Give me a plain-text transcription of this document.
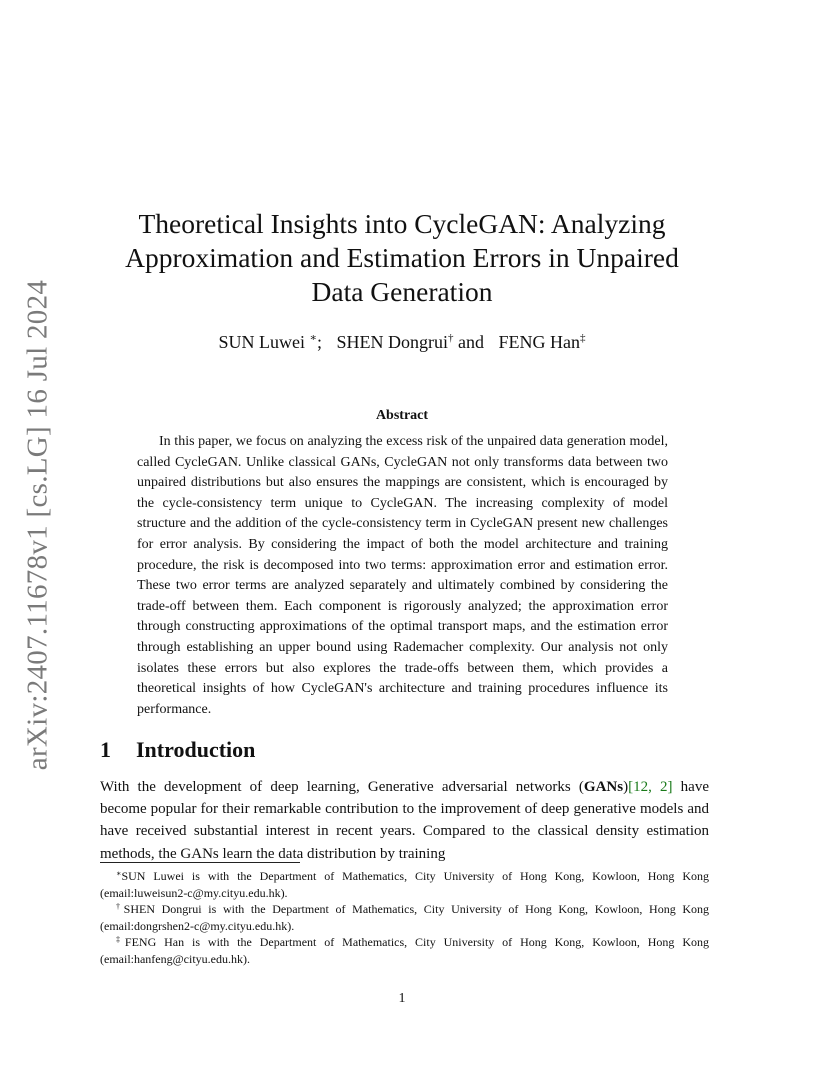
arXiv:2407.11678v1 [cs.LG] 16 Jul 2024
Theoretical Insights into CycleGAN: Analyzing
Approximation and Estimation Errors in Unpaired
Data Generation
SUN Luwei ∗; SHEN Dongrui† and FENG Han‡
Abstract

In this paper, we focus on analyzing the excess risk of the unpaired data generation model, called CycleGAN. Unlike classical GANs, CycleGAN not only transforms data between two unpaired distributions but also ensures the mappings are consistent, which is encouraged by the cycle-consistency term unique to CycleGAN. The increasing complexity of model structure and the addition of the cycle-consistency term in CycleGAN present new challenges for error analysis. By considering the impact of both the model architecture and training procedure, the risk is decomposed into two terms: approximation error and estimation error. These two error terms are analyzed separately and ultimately combined by considering the trade-off between them. Each component is rigorously analyzed; the approximation error through constructing approximations of the optimal transport maps, and the estimation error through establishing an upper bound using Rademacher complexity. Our analysis not only isolates these errors but also explores the trade-offs between them, which provides a theoretical insights of how CycleGAN's architecture and training procedures influence its performance.

1 Introduction

With the development of deep learning, Generative adversarial networks (GANs)[12, 2] have become popular for their remarkable contribution to the improvement of deep generative models and have received substantial interest in recent years. Compared to the classical density estimation methods, the GANs learn the data distribution by training

∗SUN Luwei is with the Department of Mathematics, City University of Hong Kong, Kowloon, Hong Kong (email:luweisun2-c@my.cityu.edu.hk).

†SHEN Dongrui is with the Department of Mathematics, City University of Hong Kong, Kowloon, Hong Kong (email:dongrshen2-c@my.cityu.edu.hk).

‡FENG Han is with the Department of Mathematics, City University of Hong Kong, Kowloon, Hong Kong (email:hanfeng@cityu.edu.hk).

1
